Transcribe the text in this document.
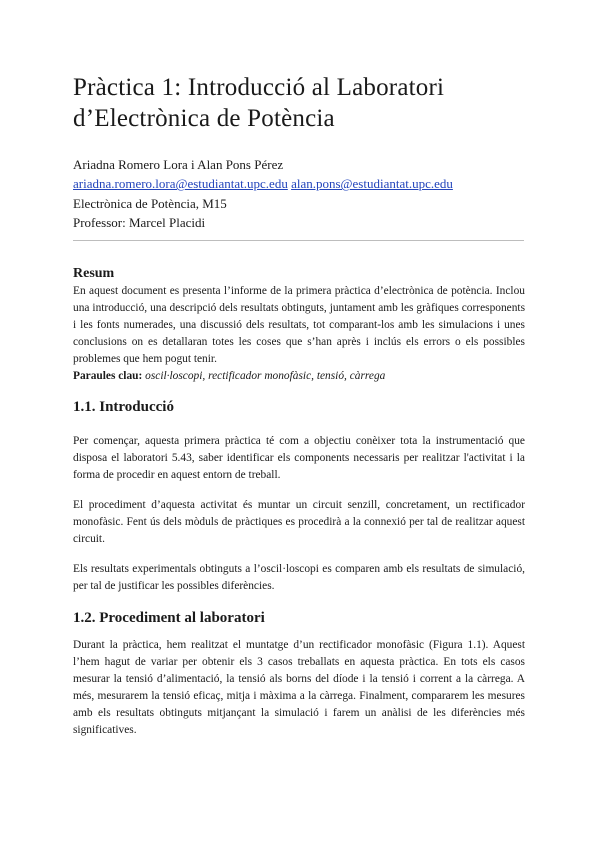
Pràctica 1: Introducció al Laboratori d’Electrònica de Potència
Ariadna Romero Lora i Alan Pons Pérez
ariadna.romero.lora@estudiantat.upc.edu alan.pons@estudiantat.upc.edu
Electrònica de Potència, M15
Professor: Marcel Placidi
Resum

En aquest document es presenta l’informe de la primera pràctica d’electrònica de potència. Inclou una introducció, una descripció dels resultats obtinguts, juntament amb les gràfiques corresponents i les fonts numerades, una discussió dels resultats, tot comparant-los amb les simulacions i unes conclusions on es detallaran totes les coses que s’han après i inclús els errors o els possibles problemes que hem pogut tenir.

Paraules clau: oscil·loscopi, rectificador monofàsic, tensió, càrrega

1.1. Introducció

Per començar, aquesta primera pràctica té com a objectiu conèixer tota la instrumentació que disposa el laboratori 5.43, saber identificar els components necessaris per realitzar l'activitat i la forma de procedir en aquest entorn de treball.

El procediment d’aquesta activitat és muntar un circuit senzill, concretament, un rectificador monofàsic. Fent ús dels mòduls de pràctiques es procedirà a la connexió per tal de realitzar aquest circuit.

Els resultats experimentals obtinguts a l’oscil·loscopi es comparen amb els resultats de simulació, per tal de justificar les possibles diferències.

1.2. Procediment al laboratori

Durant la pràctica, hem realitzat el muntatge d’un rectificador monofàsic (Figura 1.1). Aquest l’hem hagut de variar per obtenir els 3 casos treballats en aquesta pràctica. En tots els casos mesurar la tensió d’alimentació, la tensió als borns del díode i la tensió i corrent a la càrrega. A més, mesurarem la tensió eficaç, mitja i màxima a la càrrega. Finalment, compararem les mesures amb els resultats obtinguts mitjançant la simulació i farem un anàlisi de les diferències més significatives.
